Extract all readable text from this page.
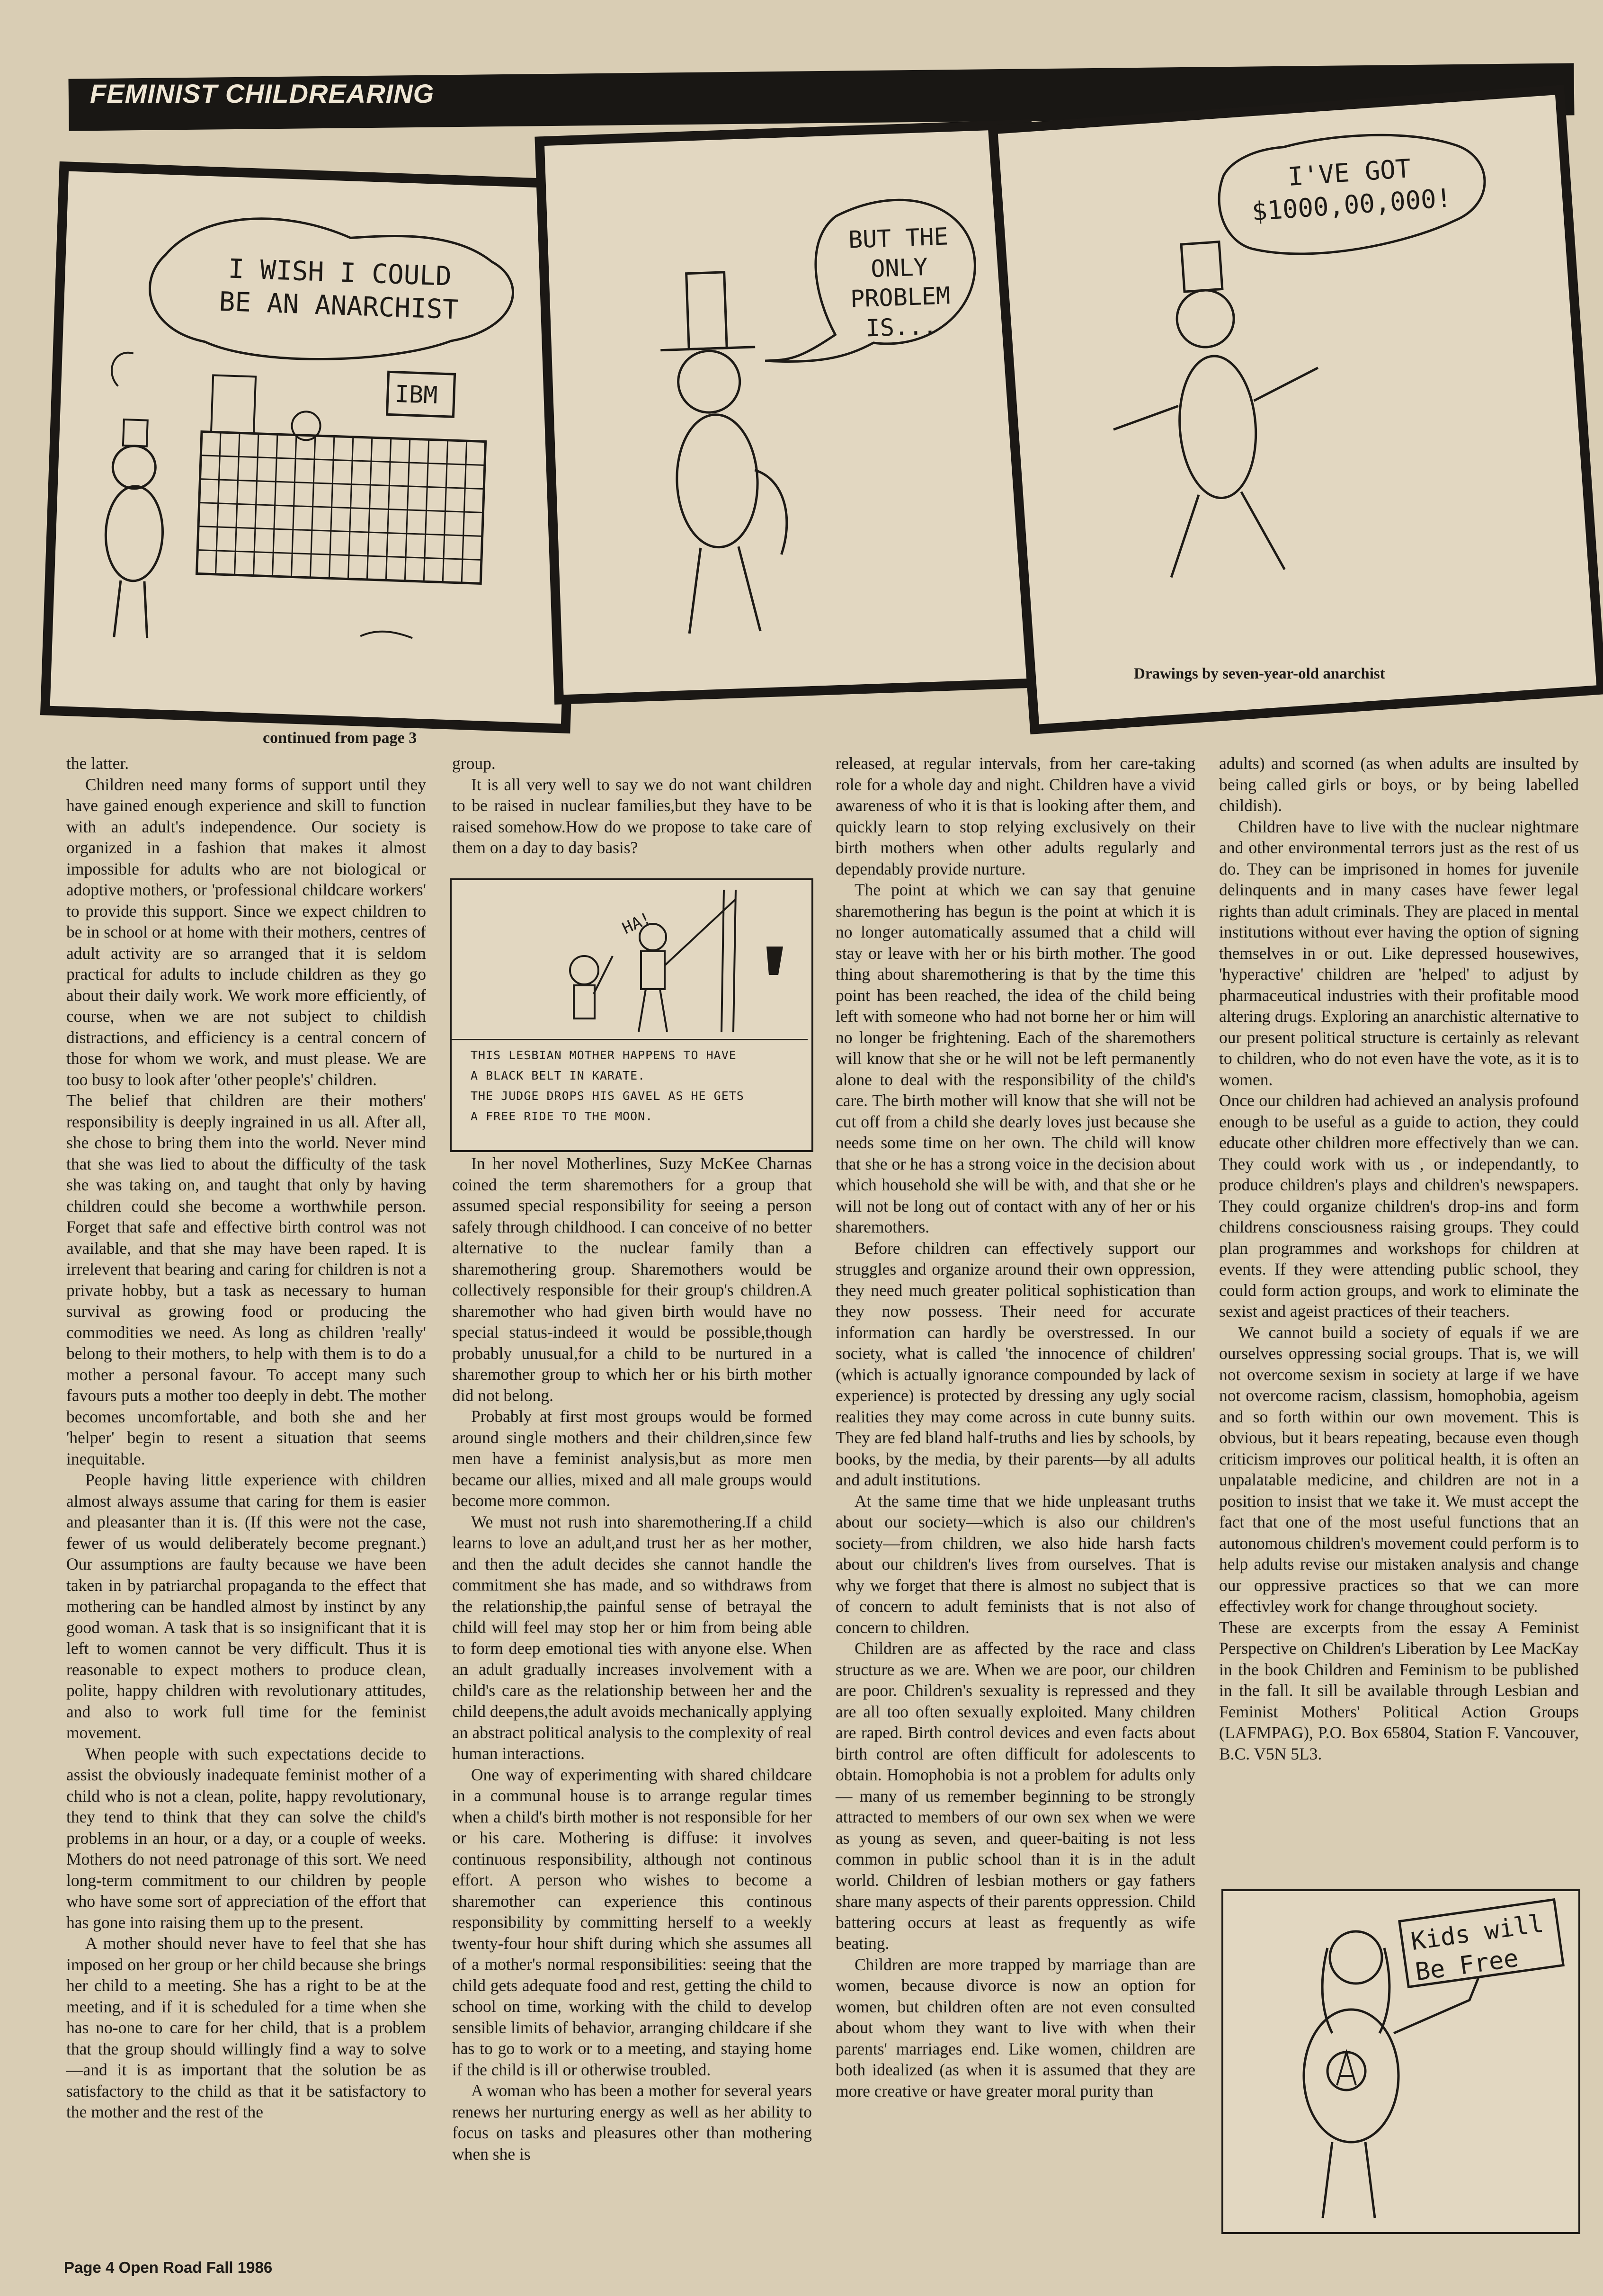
FEMINIST CHILDREARING
I WISH I COULD BE AN ANARCHIST
IBM
BUT THE ONLY PROBLEM IS...
I'VE GOT $1000,00,000!
Drawings by seven-year-old anarchist
continued from page 3

the latter.

Children need many forms of support until they have gained enough experience and skill to function with an adult's independence. Our society is organized in a fashion that makes it almost impossible for adults who are not biological or adoptive mothers, or 'professional childcare workers' to provide this support. Since we expect children to be in school or at home with their mothers, centres of adult activity are so arranged that it is seldom practical for adults to include children as they go about their daily work. We work more efficiently, of course, when we are not subject to childish distractions, and efficiency is a central concern of those for whom we work, and must please. We are too busy to look after 'other people's' children.

The belief that children are their mothers' responsibility is deeply ingrained in us all. After all, she chose to bring them into the world. Never mind that she was lied to about the difficulty of the task she was taking on, and taught that only by having children could she become a worthwhile person. Forget that safe and effective birth control was not available, and that she may have been raped. It is irrelevent that bearing and caring for children is not a private hobby, but a task as necessary to human survival as growing food or producing the commodities we need. As long as children 'really' belong to their mothers, to help with them is to do a mother a personal favour. To accept many such favours puts a mother too deeply in debt. The mother becomes uncomfortable, and both she and her 'helper' begin to resent a situation that seems inequitable.

People having little experience with children almost always assume that caring for them is easier and pleasanter than it is. (If this were not the case, fewer of us would deliberately become pregnant.) Our assumptions are faulty because we have been taken in by patriarchal propaganda to the effect that mothering can be handled almost by instinct by any good woman. A task that is so insignificant that it is left to women cannot be very difficult. Thus it is reasonable to expect mothers to produce clean, polite, happy children with revolutionary attitudes, and also to work full time for the feminist movement.

When people with such expectations decide to assist the obviously inadequate feminist mother of a child who is not a clean, polite, happy revolutionary, they tend to think that they can solve the child's problems in an hour, or a day, or a couple of weeks. Mothers do not need patronage of this sort. We need long-term commitment to our children by people who have some sort of appreciation of the effort that has gone into raising them up to the present.

A mother should never have to feel that she has imposed on her group or her child because she brings her child to a meeting. She has a right to be at the meeting, and if it is scheduled for a time when she has no-one to care for her child, that is a problem that the group should willingly find a way to solve —and it is as important that the solution be as satisfactory to the child as that it be satisfactory to the mother and the rest of the

group.

It is all very well to say we do not want children to be raised in nuclear families,but they have to be raised somehow.How do we propose to take care of them on a day to day basis?

HA!
THIS LESBIAN MOTHER HAPPENS TO HAVE
A BLACK BELT IN KARATE.
THE JUDGE DROPS HIS GAVEL AS HE GETS
A FREE RIDE TO THE MOON.

In her novel Motherlines, Suzy McKee Charnas coined the term sharemothers for a group that assumed special responsibility for seeing a person safely through childhood. I can conceive of no better alternative to the nuclear family than a sharemothering group. Sharemothers would be collectively responsible for their group's children.A sharemother who had given birth would have no special status-indeed it would be possible,though probably unusual,for a child to be nurtured in a sharemother group to which her or his birth mother did not belong.

Probably at first most groups would be formed around single mothers and their children,since few men have a feminist analysis,but as more men became our allies, mixed and all male groups would become more common.

We must not rush into sharemothering.If a child learns to love an adult,and trust her as her mother, and then the adult decides she cannot handle the commitment she has made, and so withdraws from the relationship,the painful sense of betrayal the child will feel may stop her or him from being able to form deep emotional ties with anyone else. When an adult gradually increases involvement with a child's care as the relationship between her and the child deepens,the adult avoids mechanically applying an abstract political analysis to the complexity of real human interactions.

One way of experimenting with shared childcare in a communal house is to arrange regular times when a child's birth mother is not responsible for her or his care. Mothering is diffuse: it involves continuous responsibility, although not continous effort. A person who wishes to become a sharemother can experience this continous responsibility by committing herself to a weekly twenty-four hour shift during which she assumes all of a mother's normal responsibilities: seeing that the child gets adequate food and rest, getting the child to school on time, working with the child to develop sensible limits of behavior, arranging childcare if she has to go to work or to a meeting, and staying home if the child is ill or otherwise troubled.

A woman who has been a mother for several years renews her nurturing energy as well as her ability to focus on tasks and pleasures other than mothering when she is

released, at regular intervals, from her care-taking role for a whole day and night. Children have a vivid awareness of who it is that is looking after them, and quickly learn to stop relying exclusively on their birth mothers when other adults regularly and dependably provide nurture.

The point at which we can say that genuine sharemothering has begun is the point at which it is no longer automatically assumed that a child will stay or leave with her or his birth mother. The good thing about sharemothering is that by the time this point has been reached, the idea of the child being left with someone who had not borne her or him will no longer be frightening. Each of the sharemothers will know that she or he will not be left permanently alone to deal with the responsibility of the child's care. The birth mother will know that she will not be cut off from a child she dearly loves just because she needs some time on her own. The child will know that she or he has a strong voice in the decision about which household she will be with, and that she or he will not be long out of contact with any of her or his sharemothers.

Before children can effectively support our struggles and organize around their own oppression, they need much greater political sophistication than they now possess. Their need for accurate information can hardly be overstressed. In our society, what is called 'the innocence of children' (which is actually ignorance compounded by lack of experience) is protected by dressing any ugly social realities they may come across in cute bunny suits. They are fed bland half-truths and lies by schools, by books, by the media, by their parents—by all adults and adult institutions.

At the same time that we hide unpleasant truths about our society—which is also our children's society—from children, we also hide harsh facts about our children's lives from ourselves. That is why we forget that there is almost no subject that is of concern to adult feminists that is not also of concern to children.

Children are as affected by the race and class structure as we are. When we are poor, our children are poor. Children's sexuality is repressed and they are all too often sexually exploited. Many children are raped. Birth control devices and even facts about birth control are often difficult for adolescents to obtain. Homophobia is not a problem for adults only— many of us remember beginning to be strongly attracted to members of our own sex when we were as young as seven, and queer-baiting is not less common in public school than it is in the adult world. Children of lesbian mothers or gay fathers share many aspects of their parents oppression. Child battering occurs at least as frequently as wife beating.

Children are more trapped by marriage than are women, because divorce is now an option for women, but children often are not even consulted about whom they want to live with when their parents' marriages end. Like women, children are both idealized (as when it is assumed that they are more creative or have greater moral purity than

adults) and scorned (as when adults are insulted by being called girls or boys, or by being labelled childish).

Children have to live with the nuclear nightmare and other environmental terrors just as the rest of us do. They can be imprisoned in homes for juvenile delinquents and in many cases have fewer legal rights than adult criminals. They are placed in mental institutions without ever having the option of signing themselves in or out. Like depressed housewives, 'hyperactive' children are 'helped' to adjust by pharmaceutical industries with their profitable mood altering drugs. Exploring an anarchistic alternative to our present political structure is certainly as relevant to children, who do not even have the vote, as it is to women.

Once our children had achieved an analysis profound enough to be useful as a guide to action, they could educate other children more effectively than we can. They could work with us , or independantly, to produce children's plays and children's newspapers. They could organize children's drop-ins and form childrens consciousness raising groups. They could plan programmes and workshops for children at events. If they were attending public school, they could form action groups, and work to eliminate the sexist and ageist practices of their teachers.

We cannot build a society of equals if we are ourselves oppressing social groups. That is, we will not overcome sexism in society at large if we have not overcome racism, classism, homophobia, ageism and so forth within our own movement. This is obvious, but it bears repeating, because even though criticism improves our political health, it is often an unpalatable medicine, and children are not in a position to insist that we take it. We must accept the fact that one of the most useful functions that an autonomous children's movement could perform is to help adults revise our mistaken analysis and change our oppressive practices so that we can more effectivley work for change throughout society.

These are excerpts from the essay A Feminist Perspective on Children's Liberation by Lee MacKay in the book Children and Feminism to be published in the fall. It sill be available through Lesbian and Feminist Mothers' Political Action Groups (LAFMPAG), P.O. Box 65804, Station F. Vancouver, B.C. V5N 5L3.

Kids will Be Free
Page 4 Open Road Fall 1986
